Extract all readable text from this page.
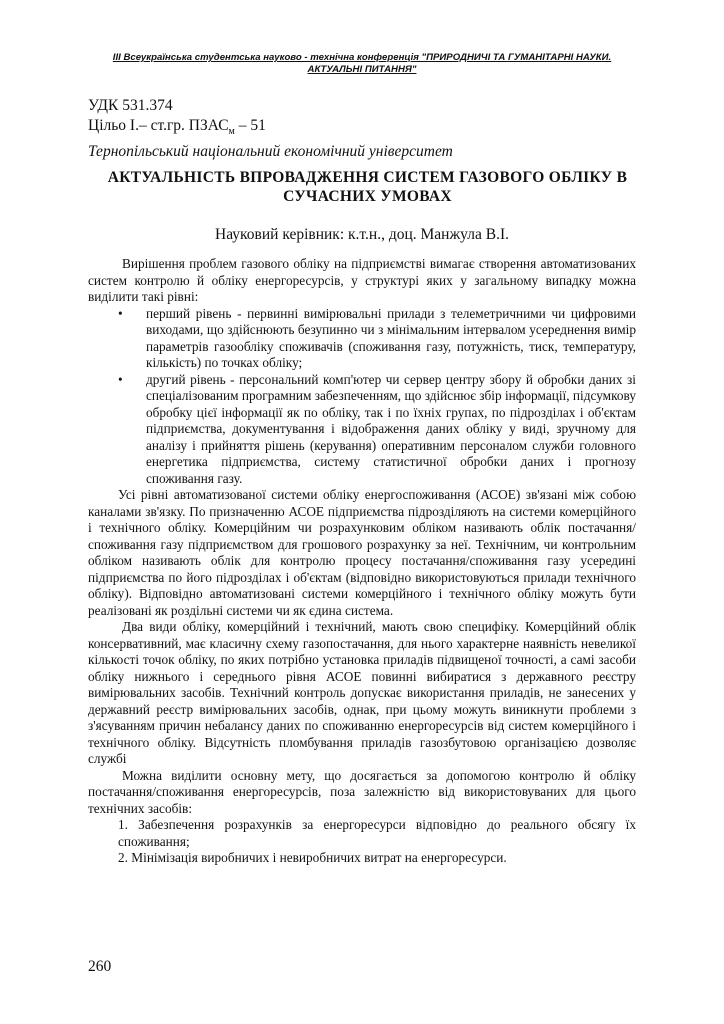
III Всеукраїнська студентська науково - технічна конференція "ПРИРОДНИЧІ ТА ГУМАНІТАРНІ НАУКИ. АКТУАЛЬНІ ПИТАННЯ"
УДК 531.374
Цільо І.– ст.гр. $ПЗАС_м - 51$
Тернопільський національний економічний університет
АКТУАЛЬНІСТЬ ВПРОВАДЖЕННЯ СИСТЕМ ГАЗОВОГО ОБЛІКУ В СУЧАСНИХ УМОВАХ
Науковий керівник: к.т.н., доц. Манжула В.І.

Вирішення проблем газового обліку на підприємстві вимагає створення автоматизованих систем контролю й обліку енергоресурсів, у структурі яких у загальному випадку можна виділити такі рівні:

•	перший рівень - первинні вимірювальні прилади з телеметричними чи цифровими виходами, що здійснюють безупинно чи з мінімальним інтервалом усереднення вимір параметрів газообліку споживачів (споживання газу, потужність, тиск, температуру, кількість) по точках обліку;
•	другий рівень - персональний комп'ютер чи сервер центру збору й обробки даних зі спеціалізованим програмним забезпеченням, що здійснює збір інформації, підсумкову обробку цієї інформації як по обліку, так і по їхніх групах, по підрозділах і об'єктам підприємства, документування і відображення даних обліку у виді, зручному для аналізу і прийняття рішень (керування) оперативним персоналом служби головного енергетика підприємства, систему статистичної обробки даних і прогнозу споживання газу.

Усі рівні автоматизованої системи обліку енергоспоживання (АСОЕ) зв'язані між собою каналами зв'язку. По призначенню АСОЕ підприємства підрозділяють на системи комерційного і технічного обліку. Комерційним чи розрахунковим обліком називають облік постачання/споживання газу підприємством для грошового розрахунку за неї. Технічним, чи контрольним обліком називають облік для контролю процесу постачання/споживання газу усередині підприємства по його підрозділах і об'єктам (відповідно використовуються прилади технічного обліку). Відповідно автоматизовані системи комерційного і технічного обліку можуть бути реалізовані як роздільні системи чи як єдина система.

Два види обліку, комерційний і технічний, мають свою специфіку. Комерційний облік консервативний, має класичну схему газопостачання, для нього характерне наявність невеликої кількості точок обліку, по яких потрібно установка приладів підвищеної точності, а самі засоби обліку нижнього і середнього рівня АСОЕ повинні вибиратися з державного реєстру вимірювальних засобів. Технічний контроль допускає використання приладів, не занесених у державний реєстр вимірювальних засобів, однак, при цьому можуть виникнути проблеми з з'ясуванням причин небалансу даних по споживанню енергоресурсів від систем комерційного і технічного обліку. Відсутність пломбування приладів газозбутовою організацією дозволяє службі

Можна виділити основну мету, що досягається за допомогою контролю й обліку постачання/споживання енергоресурсів, поза залежністю від використовуваних для цього технічних засобів:

1. Забезпечення розрахунків за енергоресурси відповідно до реального обсягу їх споживання;
2. Мінімізація виробничих і невиробничих витрат на енергоресурси.
260
